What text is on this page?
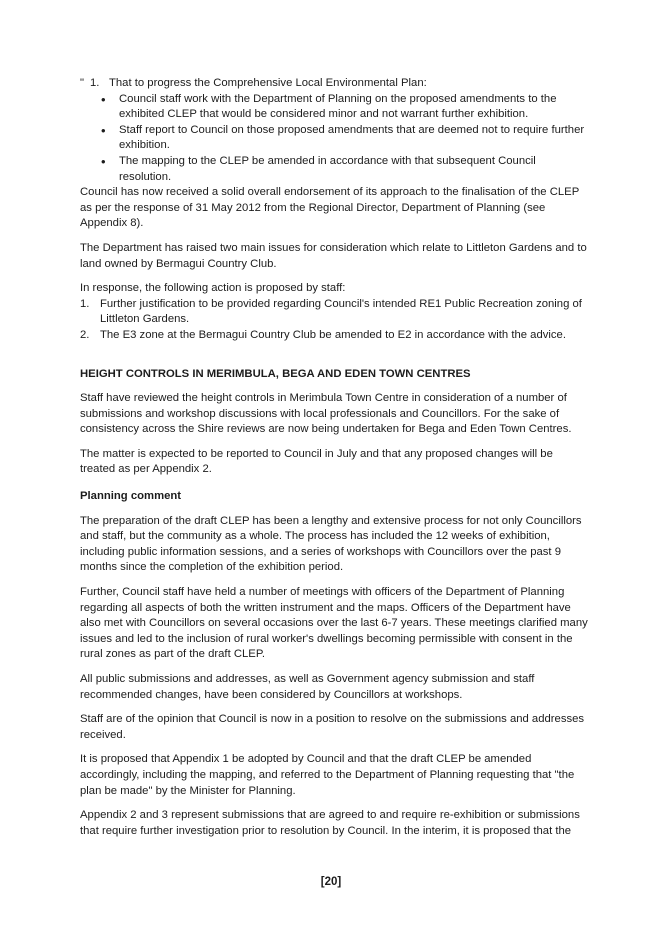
" 1. That to progress the Comprehensive Local Environmental Plan:
• Council staff work with the Department of Planning on the proposed amendments to the exhibited CLEP that would be considered minor and not warrant further exhibition.
• Staff report to Council on those proposed amendments that are deemed not to require further exhibition.
• The mapping to the CLEP be amended in accordance with that subsequent Council resolution.

Council has now received a solid overall endorsement of its approach to the finalisation of the CLEP as per the response of 31 May 2012 from the Regional Director, Department of Planning (see Appendix 8).

The Department has raised two main issues for consideration which relate to Littleton Gardens and to land owned by Bermagui Country Club.

In response, the following action is proposed by staff:

1. Further justification to be provided regarding Council's intended RE1 Public Recreation zoning of Littleton Gardens.
2. The E3 zone at the Bermagui Country Club be amended to E2 in accordance with the advice.
HEIGHT CONTROLS IN MERIMBULA, BEGA AND EDEN TOWN CENTRES

Staff have reviewed the height controls in Merimbula Town Centre in consideration of a number of submissions and workshop discussions with local professionals and Councillors. For the sake of consistency across the Shire reviews are now being undertaken for Bega and Eden Town Centres.

The matter is expected to be reported to Council in July and that any proposed changes will be treated as per Appendix 2.

Planning comment

The preparation of the draft CLEP has been a lengthy and extensive process for not only Councillors and staff, but the community as a whole. The process has included the 12 weeks of exhibition, including public information sessions, and a series of workshops with Councillors over the past 9 months since the completion of the exhibition period.

Further, Council staff have held a number of meetings with officers of the Department of Planning regarding all aspects of both the written instrument and the maps. Officers of the Department have also met with Councillors on several occasions over the last 6-7 years. These meetings clarified many issues and led to the inclusion of rural worker's dwellings becoming permissible with consent in the rural zones as part of the draft CLEP.

All public submissions and addresses, as well as Government agency submission and staff recommended changes, have been considered by Councillors at workshops.

Staff are of the opinion that Council is now in a position to resolve on the submissions and addresses received.

It is proposed that Appendix 1 be adopted by Council and that the draft CLEP be amended accordingly, including the mapping, and referred to the Department of Planning requesting that "the plan be made" by the Minister for Planning.

Appendix 2 and 3 represent submissions that are agreed to and require re-exhibition or submissions that require further investigation prior to resolution by Council. In the interim, it is proposed that the

[20]
